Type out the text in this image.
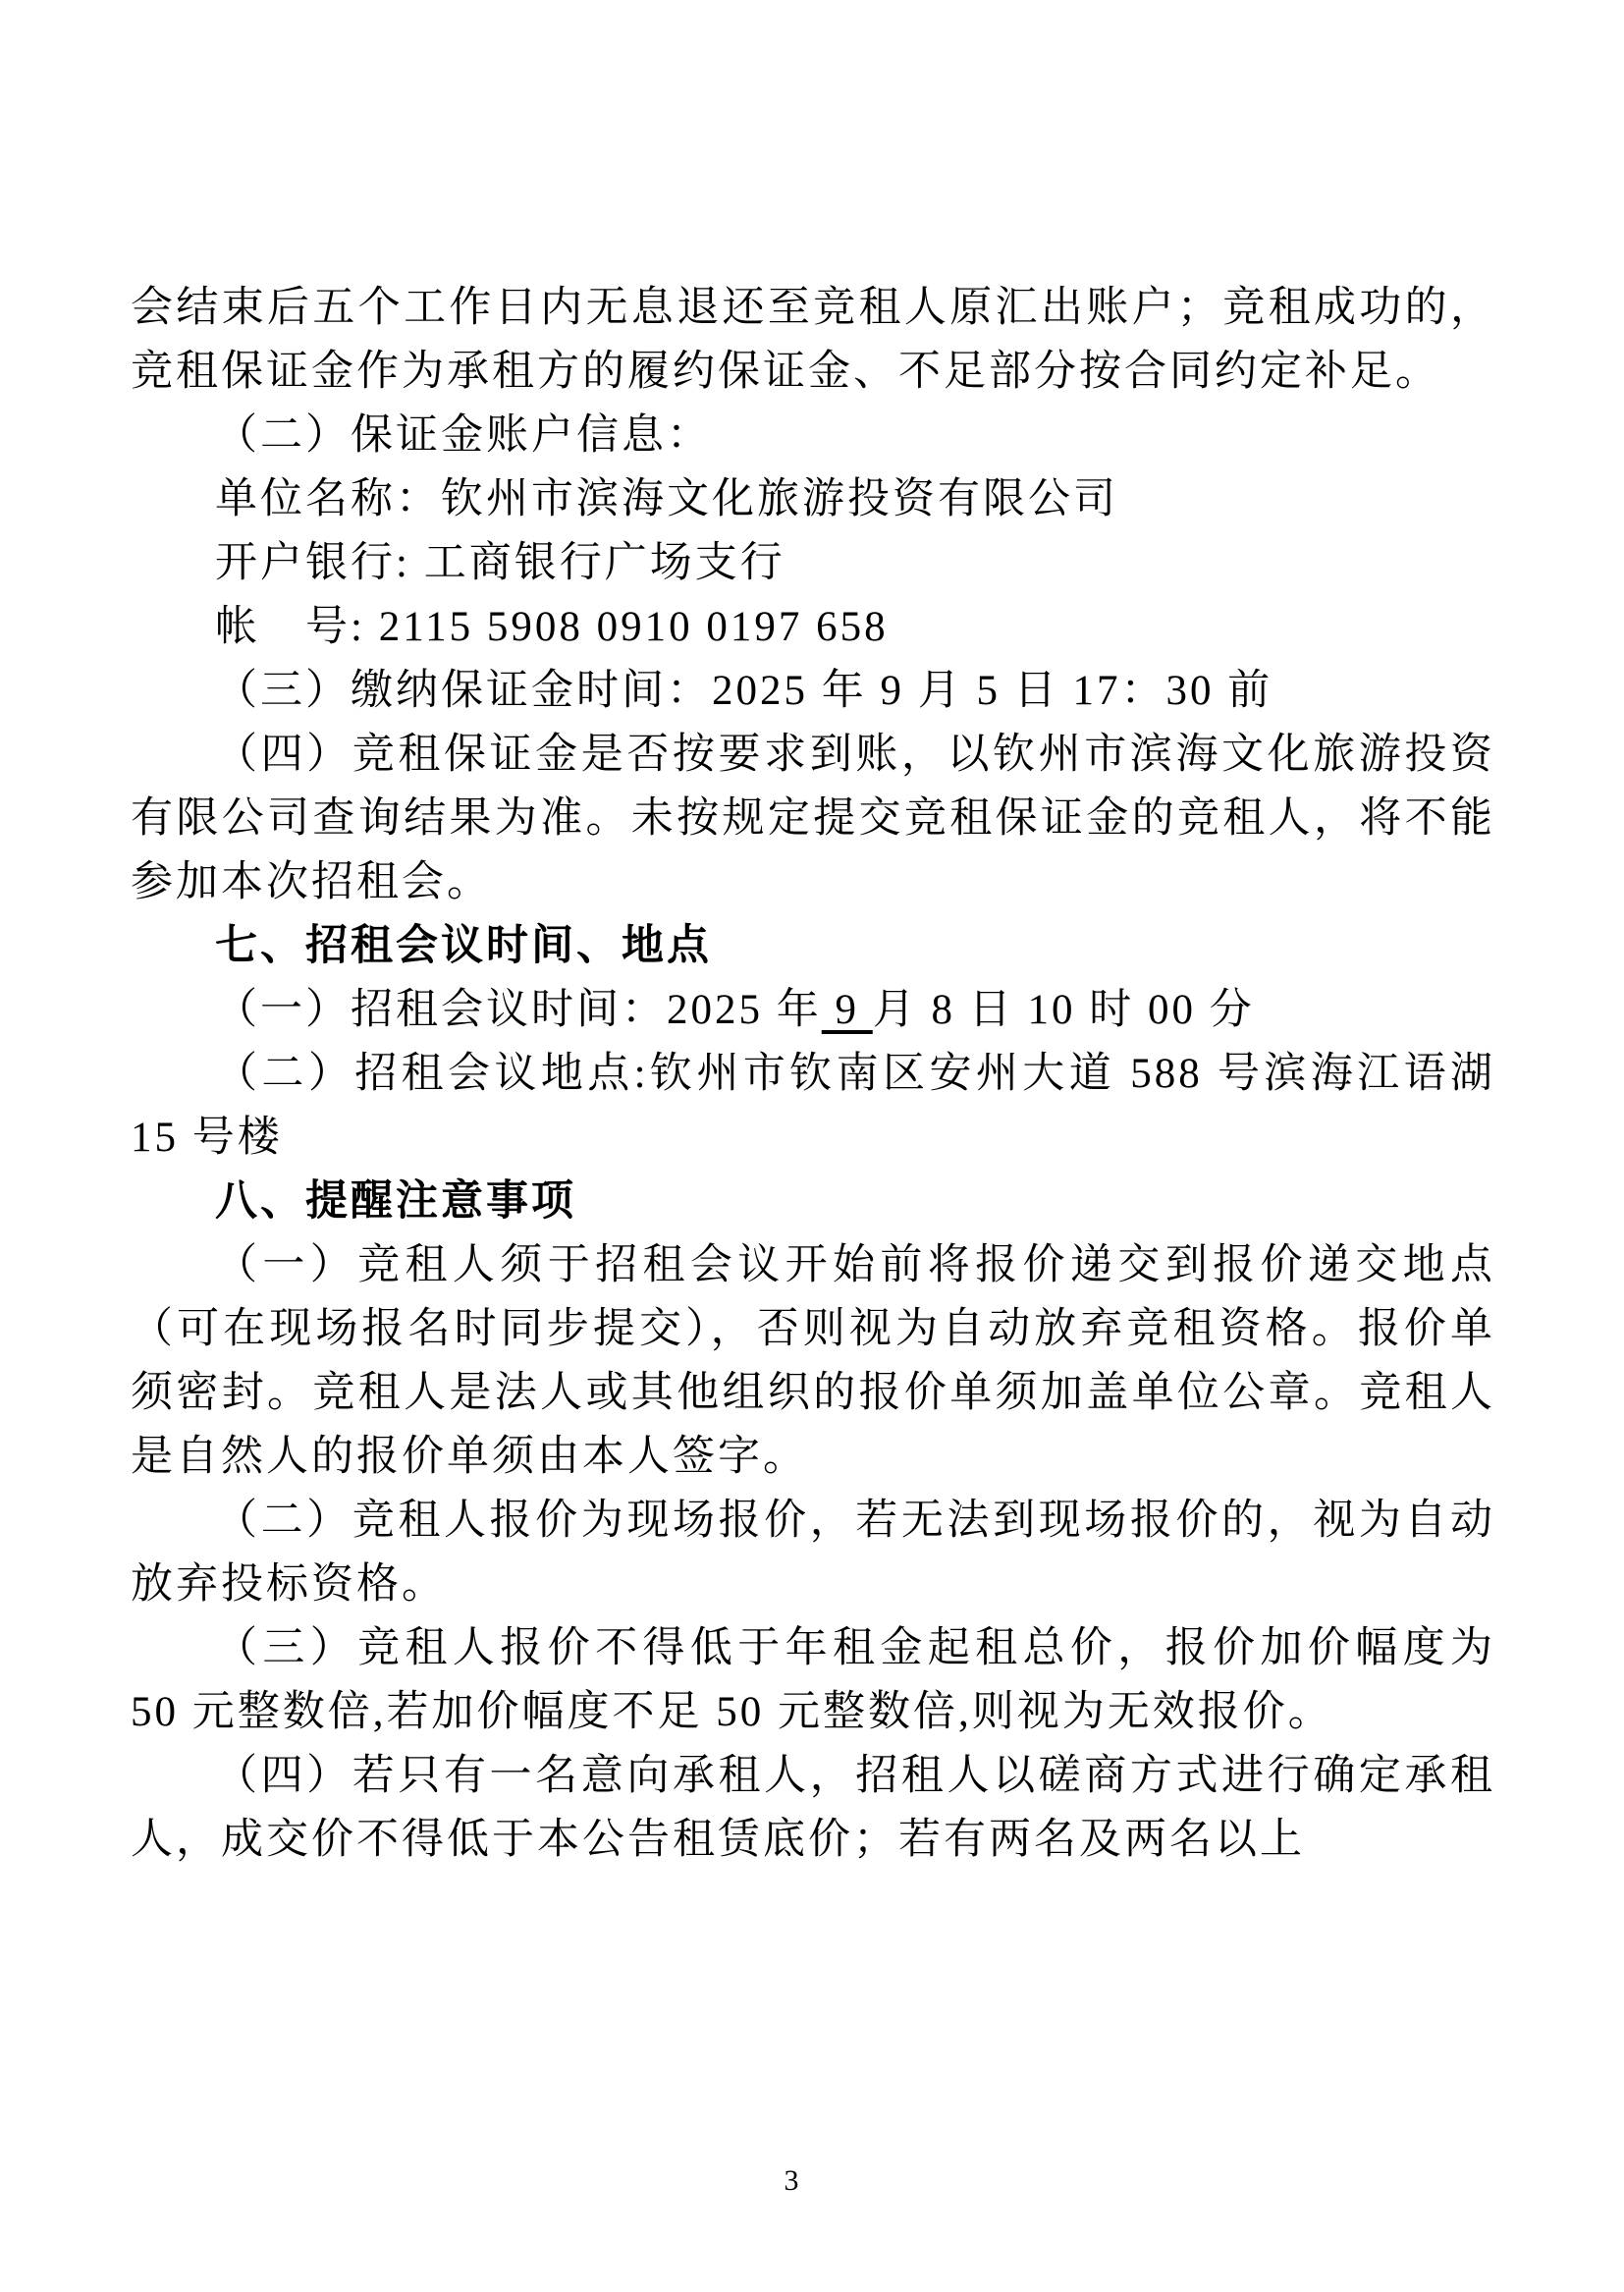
会结束后五个工作日内无息退还至竞租人原汇出账户；竞租成功的，竞租保证金作为承租方的履约保证金、不足部分按合同约定补足。

（二）保证金账户信息：

单位名称：钦州市滨海文化旅游投资有限公司

开户银行: 工商银行广场支行

帐　号: 2115 5908 0910 0197 658

（三）缴纳保证金时间：2025 年 9 月 5 日 17：30 前

（四）竞租保证金是否按要求到账，以钦州市滨海文化旅游投资有限公司查询结果为准。未按规定提交竞租保证金的竞租人，将不能参加本次招租会。

七、招租会议时间、地点

（一）招租会议时间：2025 年 9 月 8 日 10 时 00 分

（二）招租会议地点:钦州市钦南区安州大道 588 号滨海江语湖 15 号楼

八、提醒注意事项

（一）竞租人须于招租会议开始前将报价递交到报价递交地点（可在现场报名时同步提交），否则视为自动放弃竞租资格。报价单须密封。竞租人是法人或其他组织的报价单须加盖单位公章。竞租人是自然人的报价单须由本人签字。

（二）竞租人报价为现场报价，若无法到现场报价的，视为自动放弃投标资格。

（三）竞租人报价不得低于年租金起租总价，报价加价幅度为 50 元整数倍,若加价幅度不足 50 元整数倍,则视为无效报价。

（四）若只有一名意向承租人，招租人以磋商方式进行确定承租人，成交价不得低于本公告租赁底价；若有两名及两名以上

3
